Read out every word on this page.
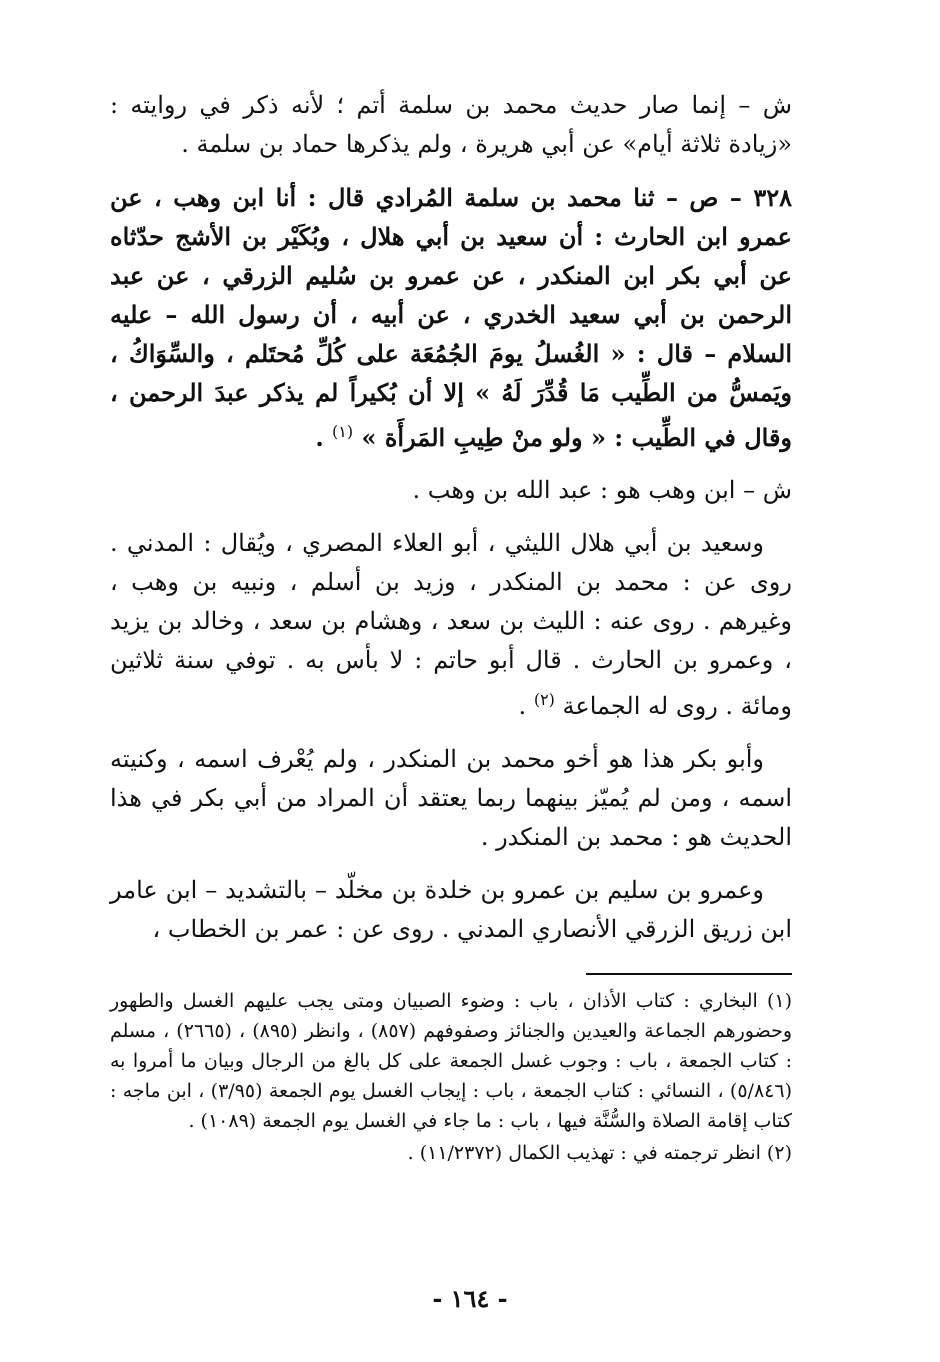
ش – إنما صار حديث محمد بن سلمة أتم ؛ لأنه ذكر في روايته : «زيادة ثلاثة أيام» عن أبي هريرة ، ولم يذكرها حماد بن سلمة .

٣٢٨ – ص – ثنا محمد بن سلمة المُرادي قال : أنا ابن وهب ، عن عمرو ابن الحارث : أن سعيد بن أبي هلال ، وبُكَيْر بن الأشج حدّثاه عن أبي بكر ابن المنكدر ، عن عمرو بن سُليم الزرقي ، عن عبد الرحمن بن أبي سعيد الخدري ، عن أبيه ، أن رسول الله – عليه السلام – قال : « الغُسلُ يومَ الجُمُعَة على كُلِّ مُحتَلم ، والسِّوَاكُ ، ويَمسُّ من الطِّيب مَا قُدِّرَ لَهُ » إلا أن بُكيراً لم يذكر عبدَ الرحمن ، وقال في الطِّيب : « ولو منْ طِيبِ المَرأَة » $^{(١)}$ .

ش – ابن وهب هو : عبد الله بن وهب .

وسعيد بن أبي هلال الليثي ، أبو العلاء المصري ، ويُقال : المدني . روى عن : محمد بن المنكدر ، وزيد بن أسلم ، ونبيه بن وهب ، وغيرهم . روى عنه : الليث بن سعد ، وهشام بن سعد ، وخالد بن يزيد ، وعمرو بن الحارث . قال أبو حاتم : لا بأس به . توفي سنة ثلاثين ومائة . روى له الجماعة $^{(٢)}$ .

وأبو بكر هذا هو أخو محمد بن المنكدر ، ولم يُعْرف اسمه ، وكنيته اسمه ، ومن لم يُميّز بينهما ربما يعتقد أن المراد من أبي بكر في هذا الحديث هو : محمد بن المنكدر .

وعمرو بن سليم بن عمرو بن خلدة بن مخلّد – بالتشديد – ابن عامر ابن زريق الزرقي الأنصاري المدني . روى عن : عمر بن الخطاب ،

(١) البخاري : كتاب الأذان ، باب : وضوء الصبيان ومتى يجب عليهم الغسل والطهور وحضورهم الجماعة والعيدين والجنائز وصفوفهم (٨٥٧) ، وانظر (٨٩٥) ، (٢٦٦٥) ، مسلم : كتاب الجمعة ، باب : وجوب غسل الجمعة على كل بالغ من الرجال وبيان ما أمروا به (٥/٨٤٦) ، النسائي : كتاب الجمعة ، باب : إيجاب الغسل يوم الجمعة (٣/٩٥) ، ابن ماجه : كتاب إقامة الصلاة والسُّنَّة فيها ، باب : ما جاء في الغسل يوم الجمعة (١٠٨٩) .

(٢) انظر ترجمته في : تهذيب الكمال (١١/٢٣٧٢) .

- ١٦٤ -
